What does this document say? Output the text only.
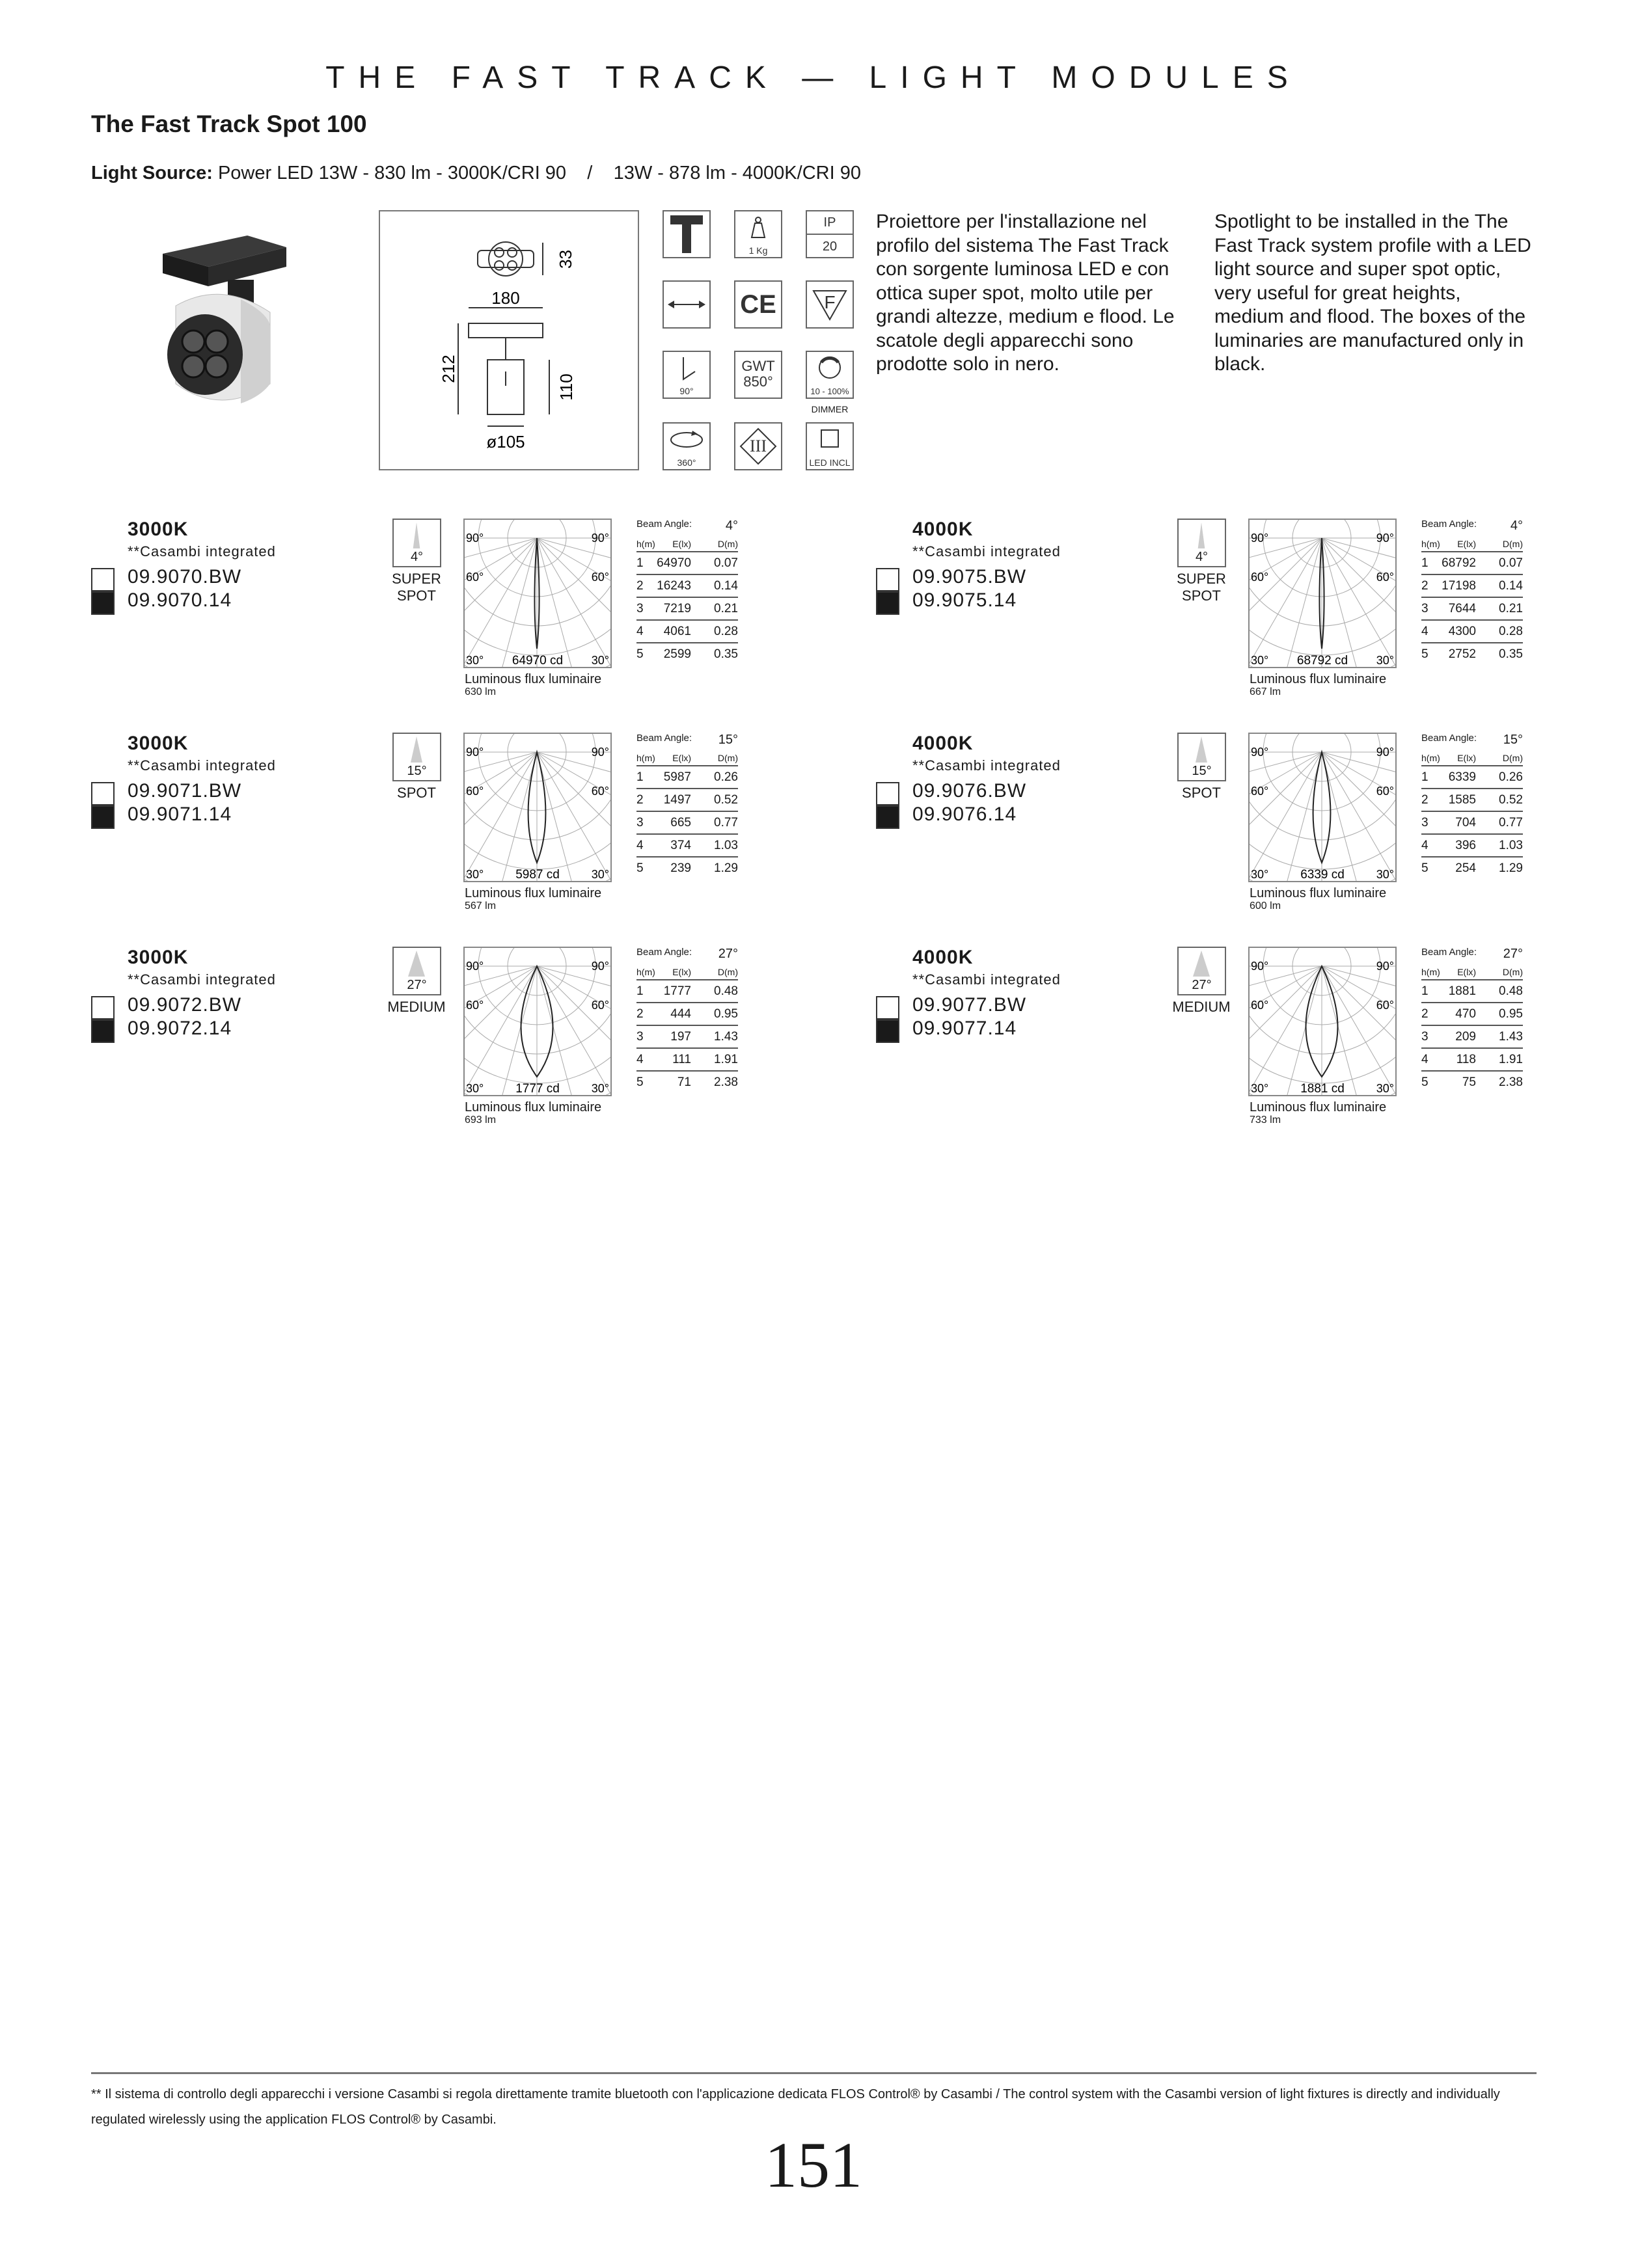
THE FAST TRACK — LIGHT MODULES
The Fast Track Spot 100
Light Source: Power LED 13W - 830 lm - 3000K/CRI 90    /    13W - 878 lm - 4000K/CRI 90
33
180
212
110
ø105
1 Kg
IP
20
CE	F
90°
GWT
850°
10 - 100%
DIMMER
360°
III
LED INCL

Proiettore per l'installazione nel profilo del sistema The Fast Track con sorgente luminosa LED e con ottica super spot, molto utile per grandi altezze, medium e flood. Le scatole degli apparecchi sono prodotte solo in nero.

Spotlight to be installed in the The Fast Track system profile with a LED light source and super spot optic, very useful for great heights, medium and flood. The boxes of the luminaries are manufactured only in black.

3000K
**Casambi integrated
09.9070.BW
09.9070.14
4°
SUPER
SPOT
90°	90°
60°	60°
30°	30°
64970 cd
Luminous flux luminaire
630 lm
Beam Angle:	4°
h(m)	E(lx)	D(m)
1	64970	0.07
2	16243	0.14
3	7219	0.21
4	4061	0.28
5	2599	0.35
4000K
**Casambi integrated
09.9075.BW
09.9075.14
4°
SUPER
SPOT
90°	90°
60°	60°
30°	30°
68792 cd
Luminous flux luminaire
667 lm
Beam Angle:	4°
h(m)	E(lx)	D(m)
1	68792	0.07
2	17198	0.14
3	7644	0.21
4	4300	0.28
5	2752	0.35
3000K
**Casambi integrated
09.9071.BW
09.9071.14
15°
SPOT
90°	90°
60°	60°
30°	30°
5987 cd
Luminous flux luminaire
567 lm
Beam Angle: 15°
h(m)	E(lx)	D(m)
1	5987	0.26
2	1497	0.52
3	665	0.77
4	374	1.03
5	239	1.29
4000K
**Casambi integrated
09.9076.BW
09.9076.14
15°
SPOT
90°	90°
60°	60°
30°	30°
6339 cd
Luminous flux luminaire
600 lm
Beam Angle: 15°
h(m)	E(lx)	D(m)
1	6339	0.26
2	1585	0.52
3	704	0.77
4	396	1.03
5	254	1.29
3000K
**Casambi integrated
09.9072.BW
09.9072.14
27°
MEDIUM
90°	90°
60°	60°
30°	30°
1777 cd
Luminous flux luminaire
693 lm
Beam Angle: 27°
h(m)	E(lx)	D(m)
1	1777	0.48
2	444	0.95
3	197	1.43
4	111	1.91
5	71	2.38
4000K
**Casambi integrated
09.9077.BW
09.9077.14
27°
MEDIUM
90°	90°
60°	60°
30°	30°
1881 cd
Luminous flux luminaire
733 lm
Beam Angle: 27°
h(m)	E(lx)	D(m)
1	1881	0.48
2	470	0.95
3	209	1.43
4	118	1.91
5	75	2.38
** Il sistema di controllo degli apparecchi i versione Casambi si regola direttamente tramite bluetooth con l'applicazione dedicata FLOS Control® by Casambi / The control system with the Casambi version of light fixtures is directly and individually regulated wirelessly using the application FLOS Control® by Casambi.
151
